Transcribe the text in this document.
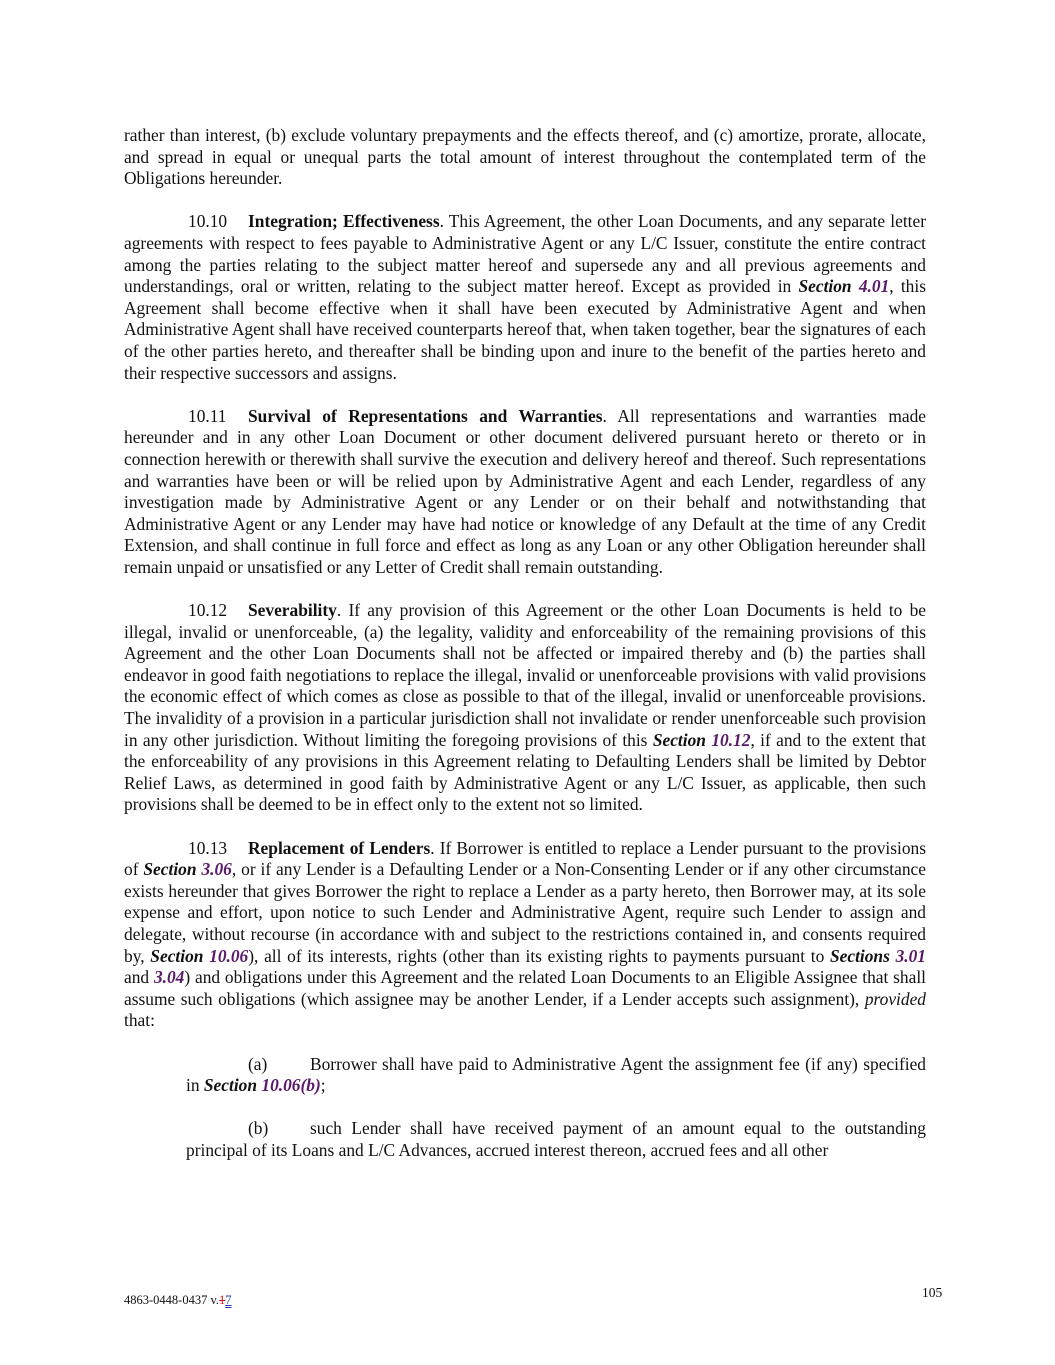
rather than interest, (b) exclude voluntary prepayments and the effects thereof, and (c) amortize, prorate, allocate, and spread in equal or unequal parts the total amount of interest throughout the contemplated term of the Obligations hereunder.

10.10 Integration; Effectiveness. This Agreement, the other Loan Documents, and any separate letter agreements with respect to fees payable to Administrative Agent or any L/C Issuer, constitute the entire contract among the parties relating to the subject matter hereof and supersede any and all previous agreements and understandings, oral or written, relating to the subject matter hereof. Except as provided in Section 4.01, this Agreement shall become effective when it shall have been executed by Administrative Agent and when Administrative Agent shall have received counterparts hereof that, when taken together, bear the signatures of each of the other parties hereto, and thereafter shall be binding upon and inure to the benefit of the parties hereto and their respective successors and assigns.

10.11 Survival of Representations and Warranties. All representations and warranties made hereunder and in any other Loan Document or other document delivered pursuant hereto or thereto or in connection herewith or therewith shall survive the execution and delivery hereof and thereof. Such representations and warranties have been or will be relied upon by Administrative Agent and each Lender, regardless of any investigation made by Administrative Agent or any Lender or on their behalf and notwithstanding that Administrative Agent or any Lender may have had notice or knowledge of any Default at the time of any Credit Extension, and shall continue in full force and effect as long as any Loan or any other Obligation hereunder shall remain unpaid or unsatisfied or any Letter of Credit shall remain outstanding.

10.12 Severability. If any provision of this Agreement or the other Loan Documents is held to be illegal, invalid or unenforceable, (a) the legality, validity and enforceability of the remaining provisions of this Agreement and the other Loan Documents shall not be affected or impaired thereby and (b) the parties shall endeavor in good faith negotiations to replace the illegal, invalid or unenforceable provisions with valid provisions the economic effect of which comes as close as possible to that of the illegal, invalid or unenforceable provisions. The invalidity of a provision in a particular jurisdiction shall not invalidate or render unenforceable such provision in any other jurisdiction. Without limiting the foregoing provisions of this Section 10.12, if and to the extent that the enforceability of any provisions in this Agreement relating to Defaulting Lenders shall be limited by Debtor Relief Laws, as determined in good faith by Administrative Agent or any L/C Issuer, as applicable, then such provisions shall be deemed to be in effect only to the extent not so limited.

10.13 Replacement of Lenders. If Borrower is entitled to replace a Lender pursuant to the provisions of Section 3.06, or if any Lender is a Defaulting Lender or a Non-Consenting Lender or if any other circumstance exists hereunder that gives Borrower the right to replace a Lender as a party hereto, then Borrower may, at its sole expense and effort, upon notice to such Lender and Administrative Agent, require such Lender to assign and delegate, without recourse (in accordance with and subject to the restrictions contained in, and consents required by, Section 10.06), all of its interests, rights (other than its existing rights to payments pursuant to Sections 3.01 and 3.04) and obligations under this Agreement and the related Loan Documents to an Eligible Assignee that shall assume such obligations (which assignee may be another Lender, if a Lender accepts such assignment), provided that:

(a) Borrower shall have paid to Administrative Agent the assignment fee (if any) specified in Section 10.06(b);

(b) such Lender shall have received payment of an amount equal to the outstanding principal of its Loans and L/C Advances, accrued interest thereon, accrued fees and all other

4863-0448-0437 v.17	105
